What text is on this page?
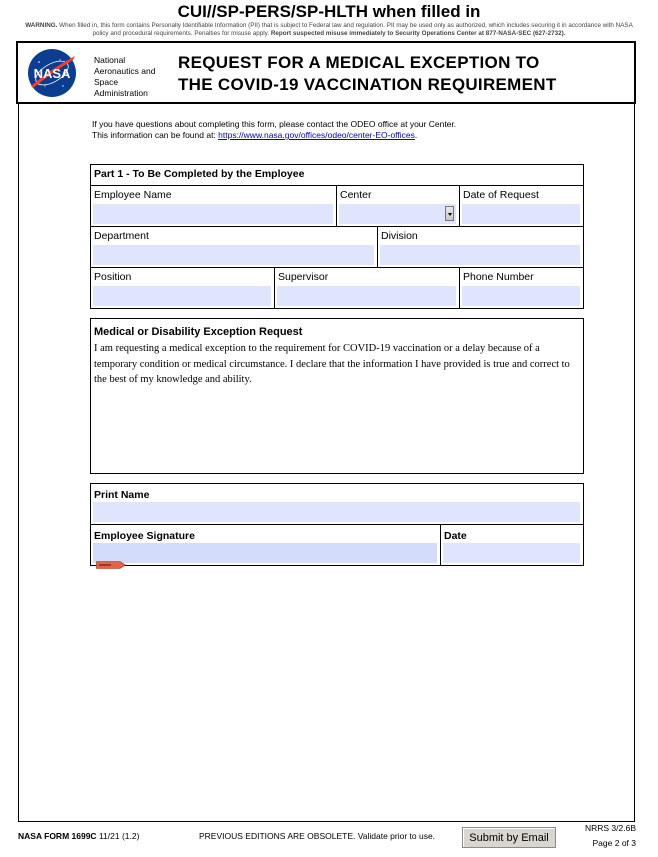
CUI//SP-PERS/SP-HLTH when filled in
WARNING. When filled in, this form contains Personally Identifiable Information (PII) that is subject to Federal law and regulation. PII may be used only as authorized, which includes securing it in accordance with NASA policy and procedural requirements. Penalties for misuse apply. Report suspected misuse immediately to Security Operations Center at 877-NASA-SEC (627-2732).
NASA
National
Aeronautics and
Space
Administration
REQUEST FOR A MEDICAL EXCEPTION TO
THE COVID-19 VACCINATION REQUIREMENT
If you have questions about completing this form, please contact the ODEO office at your Center.
This information can be found at: https://www.nasa.gov/offices/odeo/center-EO-offices.
Part 1 - To Be Completed by the Employee
Employee Name	Center	Date of Request
Department	Division
Position	Supervisor	Phone Number
Medical or Disability Exception Request
I am requesting a medical exception to the requirement for COVID-19 vaccination or a delay because of a temporary condition or medical circumstance. I declare that the information I have provided is true and correct to the best of my knowledge and ability.
Print Name
Employee Signature	Date
NASA FORM 1699C 11/21 (1.2)	PREVIOUS EDITIONS ARE OBSOLETE. Validate prior to use.	Submit by Email
NRRS 3/2.6B
Page 2 of 3
